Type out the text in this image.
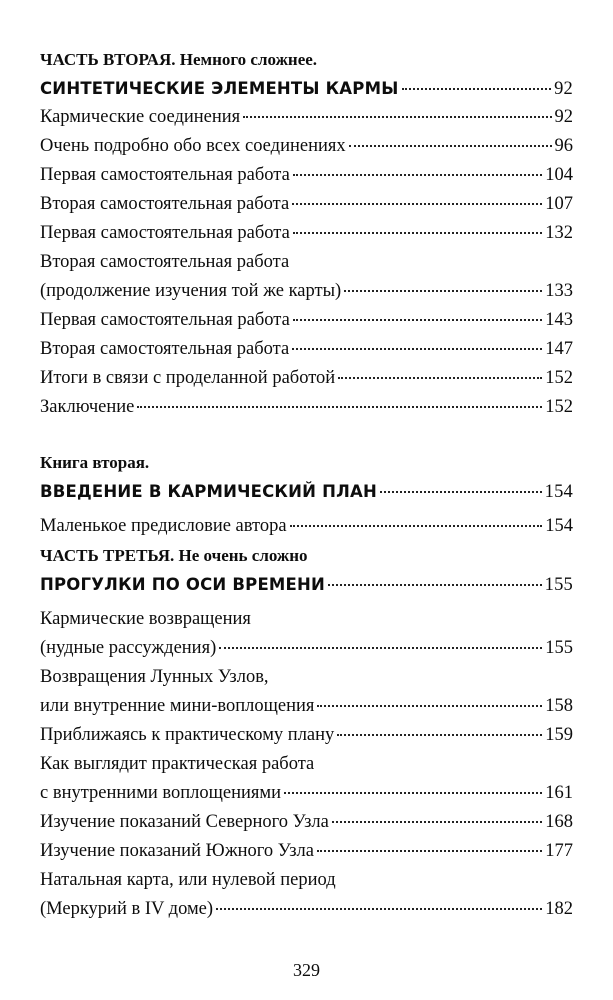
ЧАСТЬ ВТОРАЯ. Немного сложнее.
СИНТЕТИЧЕСКИЕ ЭЛЕМЕНТЫ КАРМЫ	92
Кармические соединения	92
Очень подробно обо всех соединениях	96
Первая самостоятельная работа	104
Вторая самостоятельная работа	107
Первая самостоятельная работа	132
Вторая самостоятельная работа
(продолжение изучения той же карты)	133
Первая самостоятельная работа	143
Вторая самостоятельная работа	147
Итоги в связи с проделанной работой	152
Заключение	152
Книга вторая.
ВВЕДЕНИЕ В КАРМИЧЕСКИЙ ПЛАН	154
Маленькое предисловие автора	154
ЧАСТЬ ТРЕТЬЯ. Не очень сложно
ПРОГУЛКИ ПО ОСИ ВРЕМЕНИ	155
Кармические возвращения
(нудные рассуждения)	155
Возвращения Лунных Узлов,
или внутренние мини-воплощения	158
Приближаясь к практическому плану	159
Как выглядит практическая работа
с внутренними воплощениями	161
Изучение показаний Северного Узла	168
Изучение показаний Южного Узла	177
Натальная карта, или нулевой период
(Меркурий в IV доме)	182
329
